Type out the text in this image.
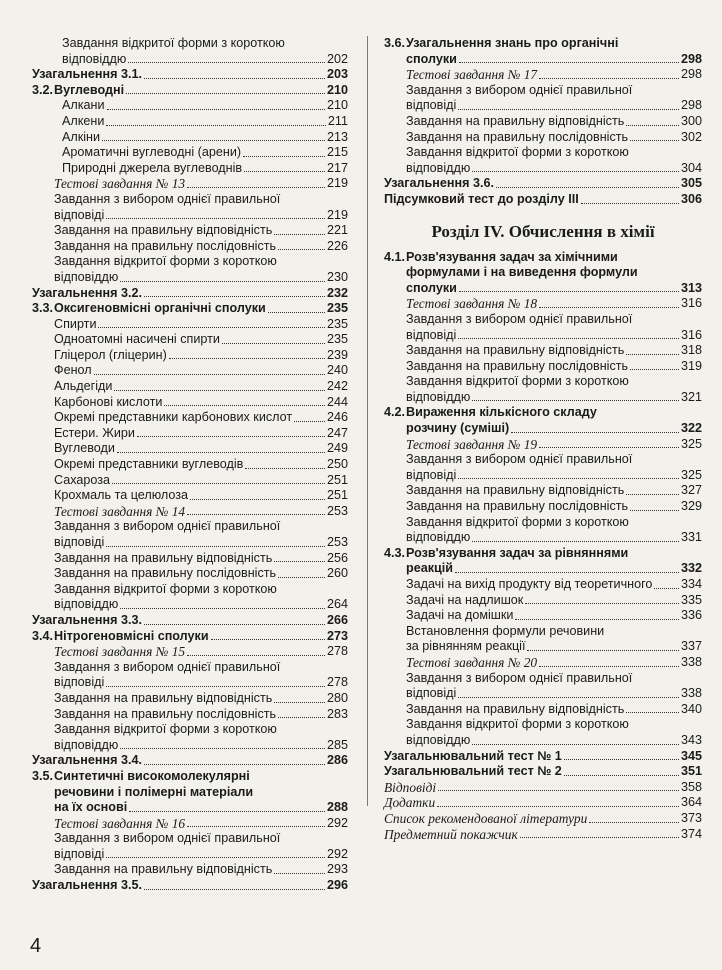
Завдання відкритої форми з короткою
відповіддю	202
Узагальнення 3.1.	203
3.2. Вуглеводні	210
Алкани	210
Алкени	211
Алкіни	213
Ароматичні вуглеводні (арени)	215
Природні джерела вуглеводнів	217
Тестові завдання № 13	219
Завдання з вибором однієї правильної
відповіді	219
Завдання на правильну відповідність	221
Завдання на правильну послідовність	226
Завдання відкритої форми з короткою
відповіддю	230
Узагальнення 3.2.	232
3.3. Оксигеновмісні органічні сполуки	235
Спирти	235
Одноатомні насичені спирти	235
Гліцерол (гліцерин)	239
Фенол	240
Альдегіди	242
Карбонові кислоти	244
Окремі представники карбонових кислот	246
Естери. Жири	247
Вуглеводи	249
Окремі представники вуглеводів	250
Сахароза	251
Крохмаль та целюлоза	251
Тестові завдання № 14	253
Завдання з вибором однієї правильної
відповіді	253
Завдання на правильну відповідність	256
Завдання на правильну послідовність	260
Завдання відкритої форми з короткою
відповіддю	264
Узагальнення 3.3.	266
3.4. Нітрогеновмісні сполуки	273
Тестові завдання № 15	278
Завдання з вибором однієї правильної
відповіді	278
Завдання на правильну відповідність	280
Завдання на правильну послідовність	283
Завдання відкритої форми з короткою
відповіддю	285
Узагальнення 3.4.	286
3.5. Синтетичні високомолекулярні
речовини і полімерні матеріали
на їх основі	288
Тестові завдання № 16	292
Завдання з вибором однієї правильної
відповіді	292
Завдання на правильну відповідність	293
Узагальнення 3.5.	296
3.6. Узагальнення знань про органічні
сполуки	298
Тестові завдання № 17	298
Завдання з вибором однієї правильної
відповіді	298
Завдання на правильну відповідність	300
Завдання на правильну послідовність	302
Завдання відкритої форми з короткою
відповіддю	304
Узагальнення 3.6.	305
Підсумковий тест до розділу III	306
Розділ IV. Обчислення в хімії
4.1. Розв'язування задач за хімічними
формулами і на виведення формули
сполуки	313
Тестові завдання № 18	316
Завдання з вибором однієї правильної
відповіді	316
Завдання на правильну відповідність	318
Завдання на правильну послідовність	319
Завдання відкритої форми з короткою
відповіддю	321
4.2. Вираження кількісного складу
розчину (суміші)	322
Тестові завдання № 19	325
Завдання з вибором однієї правильної
відповіді	325
Завдання на правильну відповідність	327
Завдання на правильну послідовність	329
Завдання відкритої форми з короткою
відповіддю	331
4.3. Розв'язування задач за рівняннями
реакцій	332
Задачі на вихід продукту від теоретичного 334
Задачі на надлишок	335
Задачі на домішки	336
Встановлення формули речовини
за рівнянням реакції	337
Тестові завдання № 20	338
Завдання з вибором однієї правильної
відповіді	338
Завдання на правильну відповідність	340
Завдання відкритої форми з короткою
відповіддю	343
Узагальнювальний тест № 1	345
Узагальнювальний тест № 2	351
Відповіді	358
Додатки	364
Список рекомендованої літератури	373
Предметний покажчик	374
4
